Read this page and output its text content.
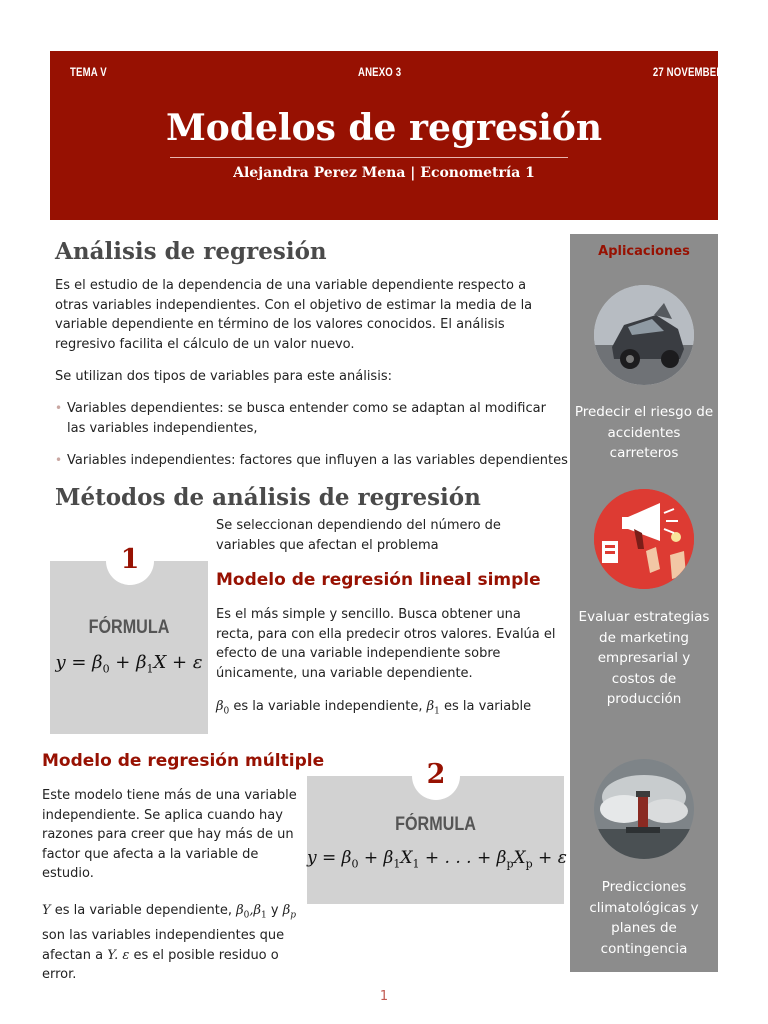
TEMA V	ANEXO 3	27 NOVEMBER 2023
Modelos de regresión
Alejandra Perez Mena | Econometría 1
Análisis de regresión

Es el estudio de la dependencia de una variable dependiente respecto a otras variables independientes. Con el objetivo de estimar la media de la variable dependiente en término de los valores conocidos. El análisis regresivo facilita el cálculo de un valor nuevo.

Se utilizan dos tipos de variables para este análisis:

• Variables dependientes: se busca entender como se adaptan al modificar las variables independientes,

• Variables independientes: factores que influyen a las variables dependientes

Métodos de análisis de regresión

Se seleccionan dependiendo del número de variables que afectan el problema

FÓRMULA
$y = \beta_0 + \beta_1X + \varepsilon$
1
Modelo de regresión lineal simple

Es el más simple y sencillo. Busca obtener una recta, para con ella predecir otros valores. Evalúa el efecto de una variable independiente sobre únicamente, una variable dependiente.

$\beta_0$ es la variable independiente, $\beta_1$ es la variable

Modelo de regresión múltiple

Este modelo tiene más de una variable independiente. Se aplica cuando hay razones para creer que hay más de un factor que afecta a la variable de estudio.

Y es la variable dependiente, $\beta_0,\beta_1$ y $\beta_p$ son las variables independientes que afectan a Y. ε es el posible residuo o error.

FÓRMULA
$y = \beta_0 + \beta_1X_1$ + . . . + $\beta_pX_p + \varepsilon$
2
Aplicaciones
Predecir el riesgo de accidentes carreteros
Evaluar estrategias de marketing empresarial y costos de producción
Predicciones climatológicas y planes de contingencia
1
